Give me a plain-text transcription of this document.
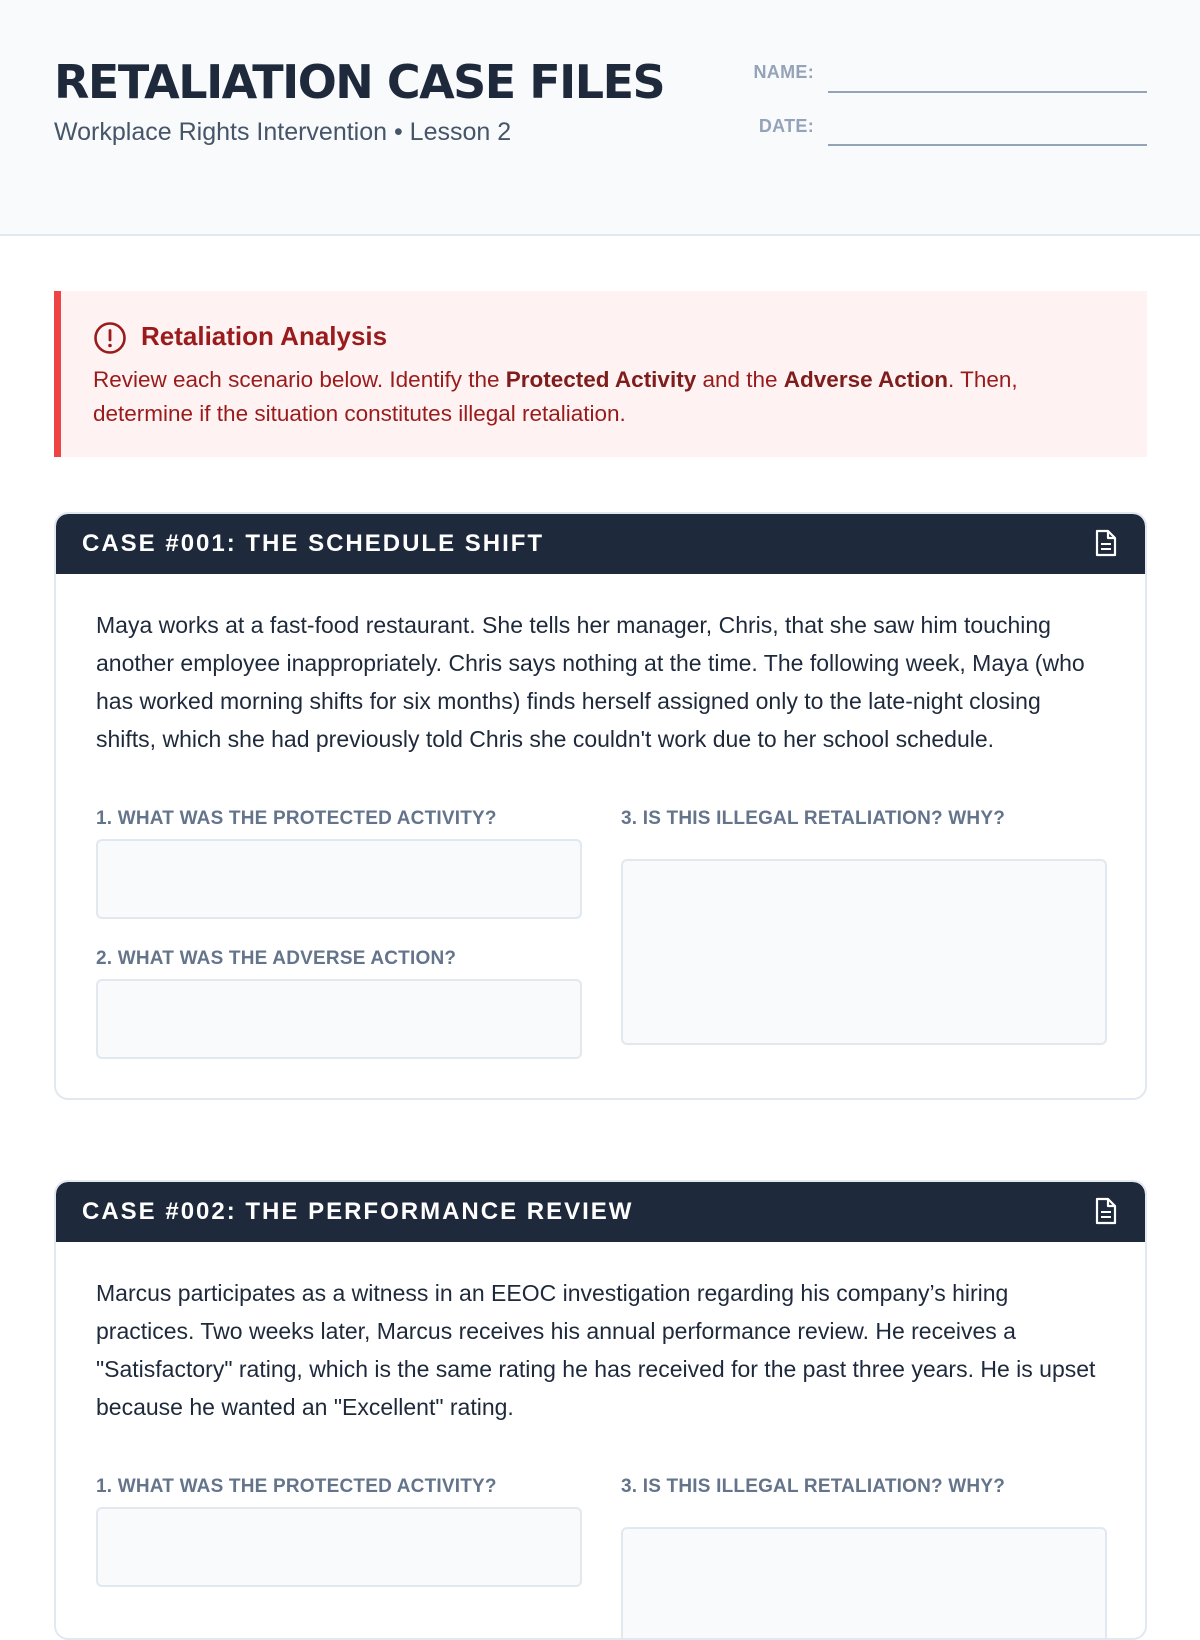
RETALIATION CASE FILES
Workplace Rights Intervention • Lesson 2
NAME:
DATE:
Retaliation Analysis
Review each scenario below. Identify the Protected Activity and the Adverse Action. Then, determine if the situation constitutes illegal retaliation.
CASE #001: THE SCHEDULE SHIFT
Maya works at a fast-food restaurant. She tells her manager, Chris, that she saw him touching another employee inappropriately. Chris says nothing at the time. The following week, Maya (who has worked morning shifts for six months) finds herself assigned only to the late-night closing shifts, which she had previously told Chris she couldn't work due to her school schedule.
1. WHAT WAS THE PROTECTED ACTIVITY?
2. WHAT WAS THE ADVERSE ACTION?
3. IS THIS ILLEGAL RETALIATION? WHY?
CASE #002: THE PERFORMANCE REVIEW
Marcus participates as a witness in an EEOC investigation regarding his company’s hiring practices. Two weeks later, Marcus receives his annual performance review. He receives a "Satisfactory" rating, which is the same rating he has received for the past three years. He is upset because he wanted an "Excellent" rating.
1. WHAT WAS THE PROTECTED ACTIVITY?	3. IS THIS ILLEGAL RETALIATION? WHY?
